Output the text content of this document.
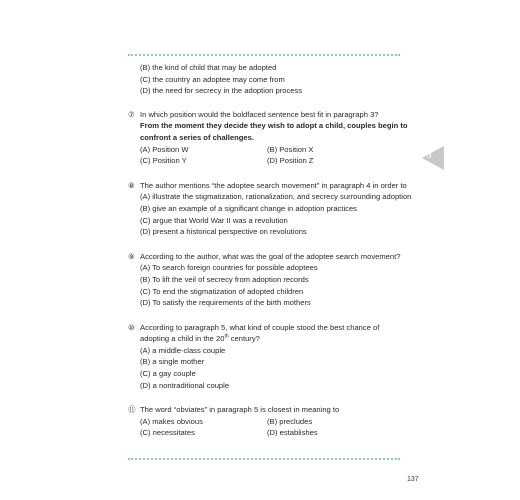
(B) the kind of child that may be adopted
(C) the country an adoptee may come from
(D) the need for secrecy in the adoption process
⑦ In which position would the boldfaced sentence best fit in paragraph 3?
From the moment they decide they wish to adopt a child, couples begin to
confront a series of challenges.
(A) Position W	(B) Position X
(C) Position Y	(D) Position Z
⑧ The author mentions “the adoptee search movement” in paragraph 4 in order to
(A) illustrate the stigmatization, rationalization, and secrecy surrounding adoption
(B) give an example of a significant change in adoption practices
(C) argue that World War II was a revolution
(D) present a historical perspective on revolutions
⑨ According to the author, what was the goal of the adoptee search movement?
(A) To search foreign countries for possible adoptees
(B) To lift the veil of secrecy from adoption records
(C) To end the stigmatization of adopted children
(D) To satisfy the requirements of the birth mothers
⑩ According to paragraph 5, what kind of couple stood the best chance of
adopting a child in the 20th century?
(A) a middle-class couple
(B) a single mother
(C) a gay couple
(D) a nontraditional couple
⑪ The word “obviates” in paragraph 5 is closest in meaning to
(A) makes obvious	(B) precludes
(C) necessitates	(D) establishes
3
137
